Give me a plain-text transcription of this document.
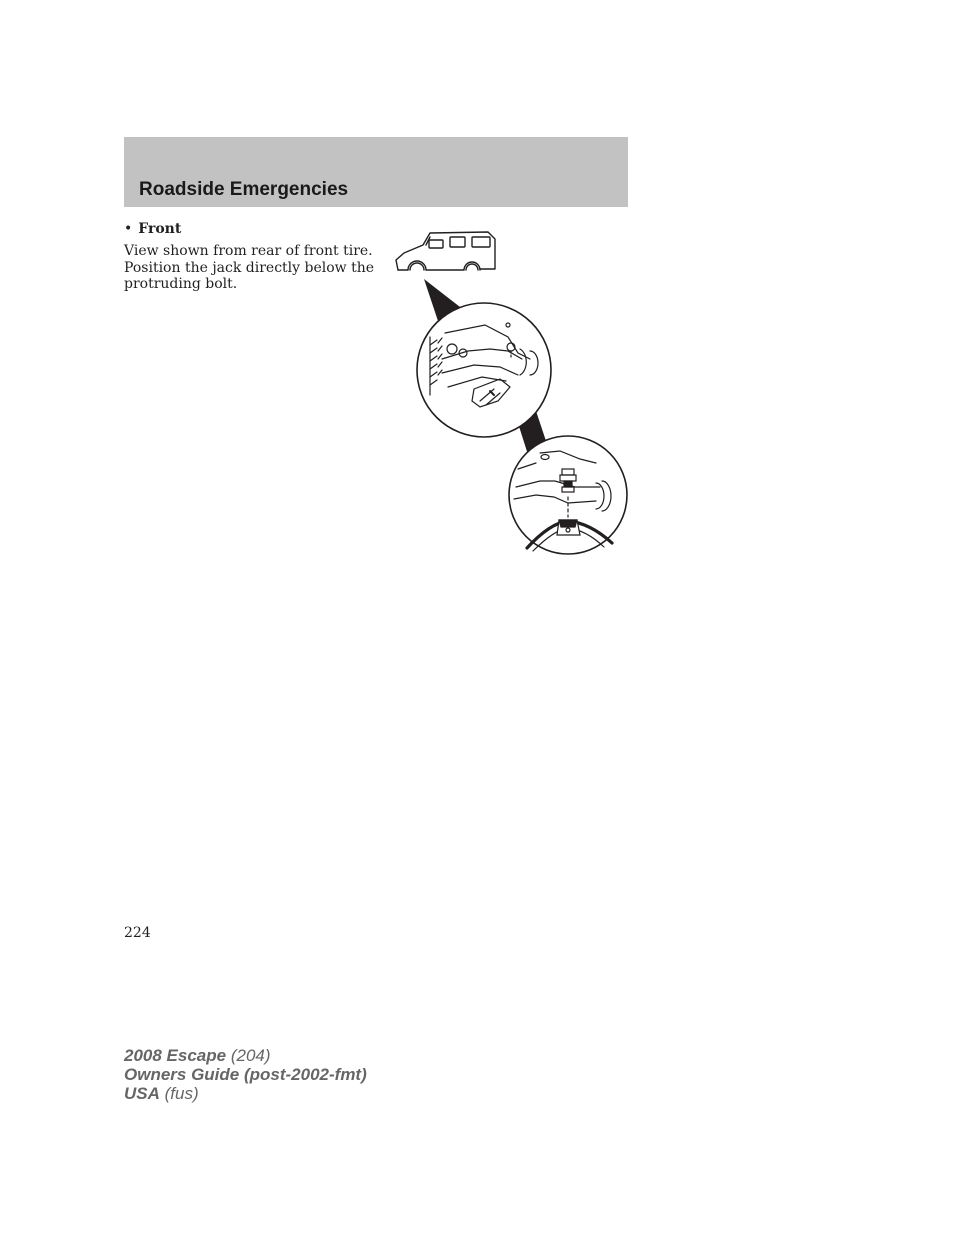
Roadside Emergencies
• Front

View shown from rear of front tire.
Position the jack directly below the
protruding bolt.

224
2008 Escape (204)
Owners Guide (post-2002-fmt)
USA (fus)
